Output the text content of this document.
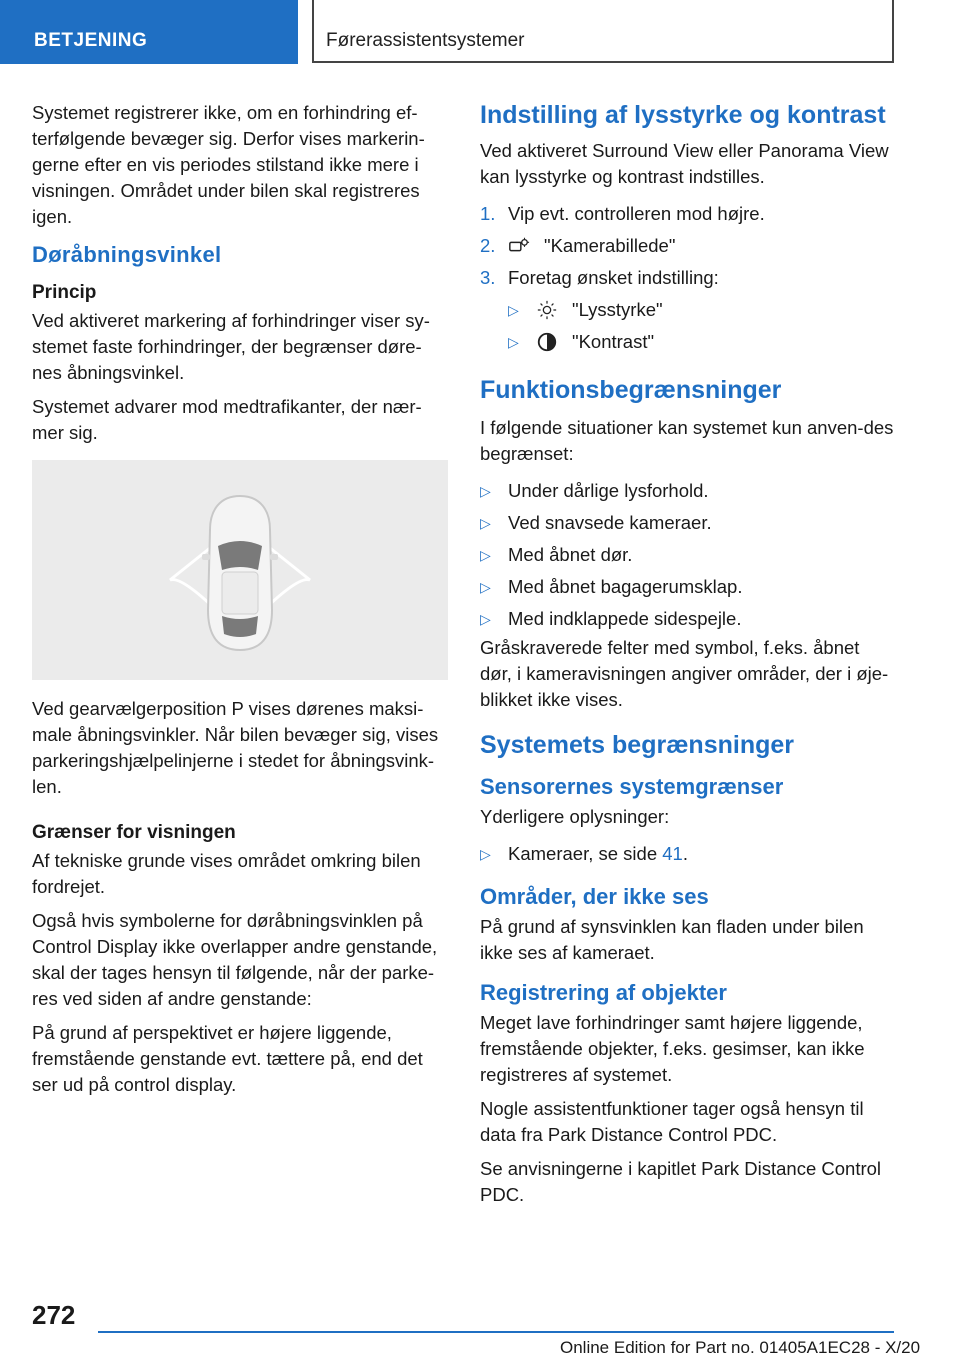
BETJENING	Førerassistentsystemer

Systemet registrerer ikke, om en forhindring ef-terfølgende bevæger sig. Derfor vises markerin-gerne efter en vis periodes stilstand ikke mere i visningen. Området under bilen skal registreres igen.

Døråbningsvinkel
Princip

Ved aktiveret markering af forhindringer viser sy-stemet faste forhindringer, der begrænser døre-nes åbningsvinkel.

Systemet advarer mod medtrafikanter, der nær-mer sig.

Ved gearvælgerposition P vises dørenes maksi-male åbningsvinkler. Når bilen bevæger sig, vises parkeringshjælpelinjerne i stedet for åbningsvink-len.

Grænser for visningen

Af tekniske grunde vises området omkring bilen fordrejet.

Også hvis symbolerne for døråbningsvinklen på Control Display ikke overlapper andre genstande, skal der tages hensyn til følgende, når der parke-res ved siden af andre genstande:

På grund af perspektivet er højere liggende, fremstående genstande evt. tættere på, end det ser ud på control display.

Indstilling af lysstyrke og kontrast

Ved aktiveret Surround View eller Panorama View kan lysstyrke og kontrast indstilles.

1. Vip evt. controlleren mod højre.
2.	"Kamerabillede"
3. Foretag ønsket indstilling:
▷	"Lysstyrke"
▷	"Kontrast"
Funktionsbegrænsninger

I følgende situationer kan systemet kun anven-des begrænset:

▷ Under dårlige lysforhold.
▷ Ved snavsede kameraer.
▷ Med åbnet dør.
▷ Med åbnet bagagerumsklap.
▷ Med indklappede sidespejle.

Gråskraverede felter med symbol, f.eks. åbnet dør, i kameravisningen angiver områder, der i øje-blikket ikke vises.

Systemets begrænsninger
Sensorernes systemgrænser

Yderligere oplysninger:

▷ Kameraer, se side 41.
Områder, der ikke ses

På grund af synsvinklen kan fladen under bilen ikke ses af kameraet.

Registrering af objekter

Meget lave forhindringer samt højere liggende, fremstående objekter, f.eks. gesimser, kan ikke registreres af systemet.

Nogle assistentfunktioner tager også hensyn til data fra Park Distance Control PDC.

Se anvisningerne i kapitlet Park Distance Control PDC.

272
Online Edition for Part no. 01405A1EC28 - X/20
